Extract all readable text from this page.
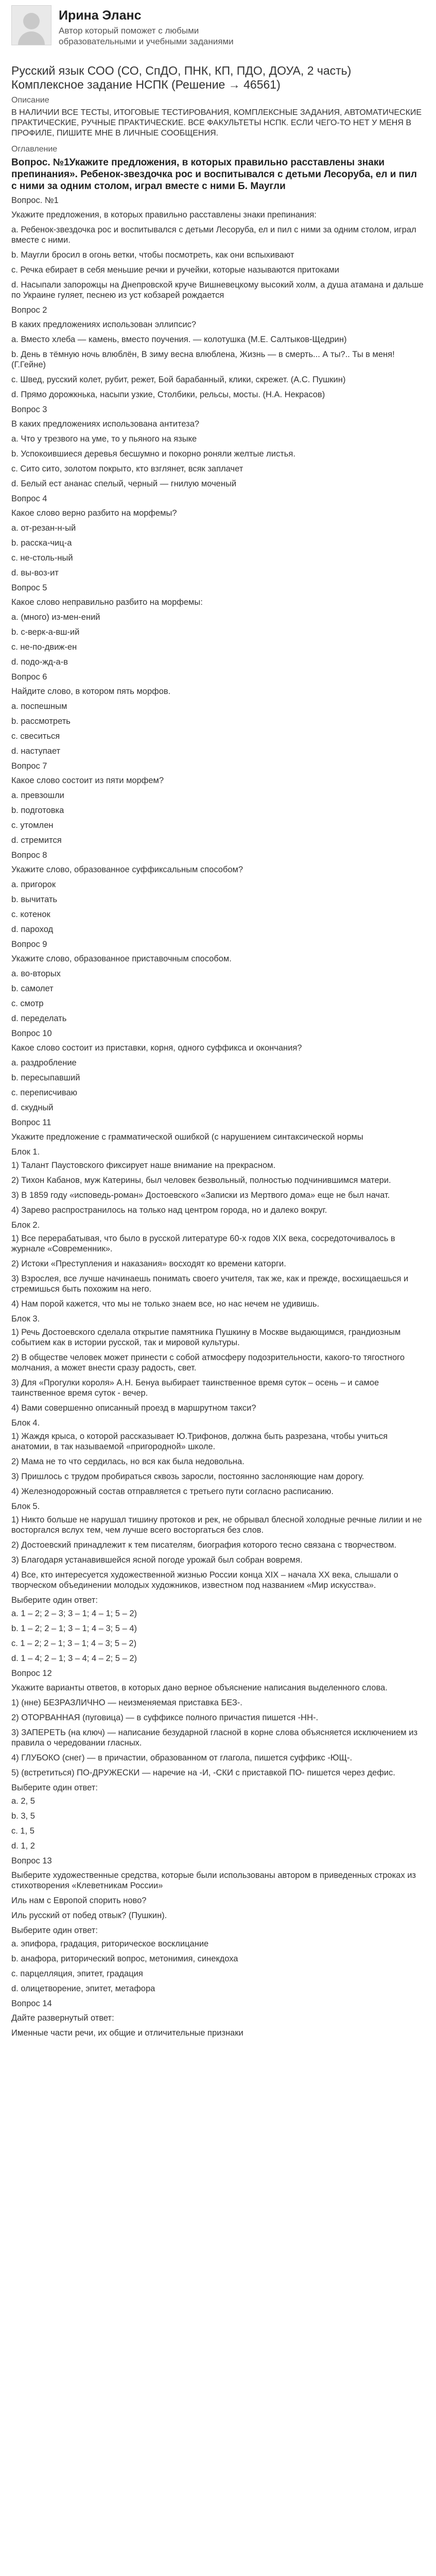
Ирина Эланс
Автор который поможет с любыми образовательными и учебными заданиями
Русский язык СОО (СО, СпДО, ПНК, КП, ПДО, ДОУА, 2 часть) Комплексное задание НСПК (Решение → 46561)
Описание
В НАЛИЧИИ ВСЕ ТЕСТЫ, ИТОГОВЫЕ ТЕСТИРОВАНИЯ, КОМПЛЕКСНЫЕ ЗАДАНИЯ, АВТОМАТИЧЕСКИЕ ПРАКТИЧЕСКИЕ, РУЧНЫЕ ПРАКТИЧЕСКИЕ. ВСЕ ФАКУЛЬТЕТЫ НСПК. ЕСЛИ ЧЕГО-ТО НЕТ У МЕНЯ В ПРОФИЛЕ, ПИШИТЕ МНЕ В ЛИЧНЫЕ СООБЩЕНИЯ.
Оглавление
Вопрос. №1Укажите предложения, в которых правильно расставлены знаки препинания». Ребенок-звездочка рос и воспитывался с детьми Лесоруба, ел и пил с ними за одним столом, играл вместе с ними Б. Маугли
Вопрос. №1
Укажите предложения, в которых правильно расставлены знаки препинания:
а. Ребенок-звездочка рос и воспитывался с детьми Лесоруба, ел и пил с ними за одним столом, играл вместе с ними.
b. Маугли бросил в огонь ветки, чтобы посмотреть, как они вспыхивают
c. Речка ебирает в себя меньшие речки и ручейки, которые называются притоками
d. Насыпали запорожцы на Днепровской круче Вишневецкому высокий холм, а душа атамана и дальше по Украине гуляет, песнею из уст кобзарей рождается
Вопрос 2
В каких предложениях использован эллипсис?
а. Вместо хлеба — камень, вместо поучения. — колотушка (М.Е. Салтыков-Щедрин)
b. День в тёмную ночь влюблён, В зиму весна влюблена, Жизнь — в смерть... А ты?.. Ты в меня! (Г.Гейне)
c. Швед, русский колет, рубит, режет, Бой барабанный, клики, скрежет. (А.С. Пушкин)
d. Прямо дорожкнька, насыпи узкие, Столбики, рельсы, мосты. (Н.А. Некрасов)
Вопрос 3
В каких предложениях использована антитеза?
а. Что у трезвого на уме, то у пьяного на языке
b. Успокоившиеся деревья бесшумно и покорно роняли желтые листья.
c. Сито сито, золотом покрыто, кто взглянет, всяк заплачет
d. Белый ест ананас спелый, черный — гнилую моченый
Вопрос 4
Какое слово верно разбито на морфемы?
а. от-резан-н-ый
b. расска-чиц-а
c. не-столь-ный
d. вы-воз-ит
Вопрос 5
Какое слово неправильно разбито на морфемы:
а. (много) из-мен-ений
b. с-верк-а-вш-ий
c. не-по-движ-ен
d. подо-жд-а-в
Вопрос 6
Найдите слово, в котором пять морфов.
а. поспешным
b. рассмотреть
c. свеситься
d. наступает
Вопрос 7
Какое слово состоит из пяти морфем?
а. превзошли
b. подготовка
c. утомлен
d. стремится
Вопрос 8
Укажите слово, образованное суффиксальным способом?
а. пригорок
b. вычитать
c. котенок
d. пароход
Вопрос 9
Укажите слово, образованное приставочным способом.
а. во-вторых
b. самолет
c. смотр
d. переделать
Вопрос 10
Какое слово состоит из приставки, корня, одного суффикса и окончания?
а. раздробление
b. пересыпавший
c. переписчиваю
d. скудный
Вопрос 11
Укажите предложение с грамматической ошибкой (с нарушением синтаксической нормы
Блок 1.
1) Талант Паустовского фиксирует наше внимание на прекрасном.
2) Тихон Кабанов, муж Катерины, был человек безвольный, полностью подчинившимся матери.
3) В 1859 году «исповедь-роман» Достоевского «Записки из Мертвого дома» еще не был начат.
4) Зарево распространилось на только над центром города, но и далеко вокруг.
Блок 2.
1) Все перерабатывая, что было в русской литературе 60-х годов XIX века, сосредоточивалось в журнале «Современник».
2) Истоки «Преступления и наказания» восходят ко времени каторги.
3) Взрослея, все лучше начинаешь понимать своего учителя, так же, как и прежде, восхищаешься и стремишься быть похожим на него.
4) Нам порой кажется, что мы не только знаем все, но нас нечем не удивишь.
Блок 3.
1) Речь Достоевского сделала открытие памятника Пушкину в Москве выдающимся, грандиозным событием как в истории русской, так и мировой культуры.
2) В обществе человек может принести с собой атмосферу подозрительности, какого-то тягостного молчания, а может внести сразу радость, свет.
3) Для «Прогулки короля» А.Н. Бенуа выбирает таинственное время суток – осень – и самое таинственное время суток - вечер.
4) Вами совершенно описанный проезд в маршрутном такси?
Блок 4.
1) Жаждя крыса, о которой рассказывает Ю.Трифонов, должна быть разрезана, чтобы учиться анатомии, в так называемой «пригородной» школе.
2) Мама не то что сердилась, но вся как была недовольна.
3) Пришлось с трудом пробираться сквозь заросли, постоянно заслоняющие нам дорогу.
4) Железнодорожный состав отправляется с третьего пути согласно расписанию.
Блок 5.
1) Никто больше не нарушал тишину протоков и рек, не обрывал блесной холодные речные лилии и не восторгался вслух тем, чем лучше всего восторгаться без слов.
2) Достоевский принадлежит к тем писателям, биография которого тесно связана с творчеством.
3) Благодаря устанавившейся ясной погоде урожай был собран вовремя.
4) Все, кто интересуется художественной жизнью России конца XIX – начала XX века, слышали о творческом объединении молодых художников, известном под названием «Мир искусства».
Выберите один ответ:
а. 1 – 2; 2 – 3; 3 – 1; 4 – 1; 5 – 2)
b. 1 – 2; 2 – 1; 3 – 1; 4 – 3; 5 – 4)
c. 1 – 2; 2 – 1; 3 – 1; 4 – 3; 5 – 2)
d. 1 – 4; 2 – 1; 3 – 4; 4 – 2; 5 – 2)
Вопрос 12
Укажите варианты ответов, в которых дано верное объяснение написания выделенного слова.
1) (нне) БЕЗРАЗЛИЧНО — неизменяемая приставка БЕЗ-.
2) ОТОРВАННАЯ (пуговица) — в суффиксе полного причастия пишется -НН-.
3) ЗАПЕРЕТЬ (на ключ) — написание безударной гласной в корне слова объясняется исключением из правила о чередовании гласных.
4) ГЛУБОКО (снег) — в причастии, образованном от глагола, пишется суффикс -ЮЩ-.
5) (встретиться) ПО-ДРУЖЕСКИ — наречие на -И, -СКИ с приставкой ПО- пишется через дефис.
Выберите один ответ:
а. 2, 5
b. 3, 5
c. 1, 5
d. 1, 2
Вопрос 13
Выберите художественные средства, которые были использованы автором в приведенных строках из стихотворения «Клеветникам России»
Иль нам с Европой спорить ново?
Иль русский от побед отвык? (Пушкин).
Выберите один ответ:
а. эпифора, градация, риторическое восклицание
b. анафора, риторический вопрос, метонимия, синекдоха
c. парцелляция, эпитет, градация
d. олицетворение, эпитет, метафора
Вопрос 14
Дайте развернутый ответ:
Именные части речи, их общие и отличительные признаки
